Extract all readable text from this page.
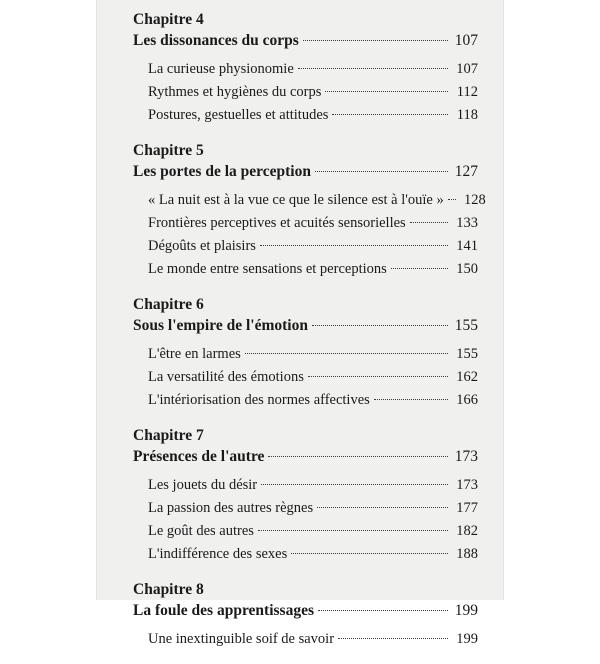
Chapitre 4
Les dissonances du corps	107
La curieuse physionomie	107
Rythmes et hygiènes du corps	112
Postures, gestuelles et attitudes	118
Chapitre 5
Les portes de la perception	127
« La nuit est à la vue ce que le silence est à l'ouïe » 128
Frontières perceptives et acuités sensorielles	133
Dégoûts et plaisirs	141
Le monde entre sensations et perceptions	150
Chapitre 6
Sous l'empire de l'émotion	155
L'être en larmes	155
La versatilité des émotions	162
L'intériorisation des normes affectives	166
Chapitre 7
Présences de l'autre	173
Les jouets du désir	173
La passion des autres règnes	177
Le goût des autres	182
L'indifférence des sexes	188
Chapitre 8
La foule des apprentissages	199
Une inextinguible soif de savoir	199
